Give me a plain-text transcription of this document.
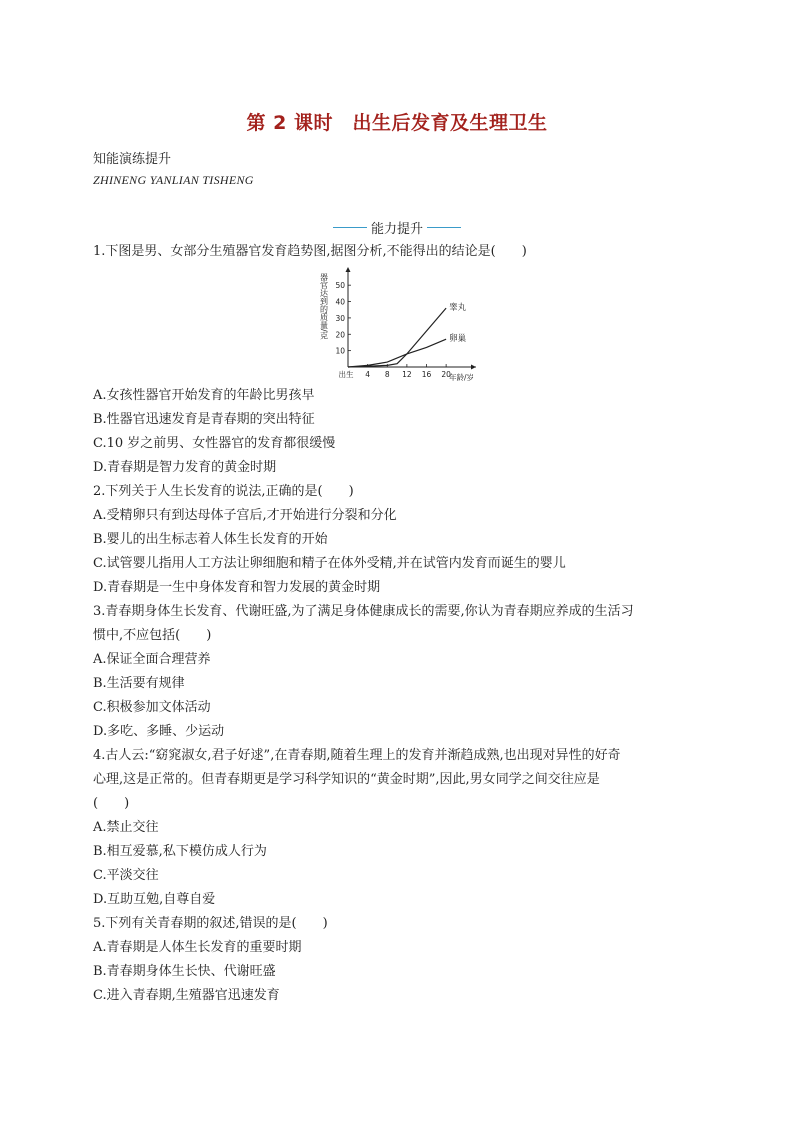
第 2 课时　出生后发育及生理卫生
知能演练提升
ZHINENG YANLIAN TISHENG
能力提升
1.下图是男、女部分生殖器官发育趋势图,据图分析,不能得出的结论是(　　)
10
20
30
40
50
出生 4 8 12 16 20
年龄/岁
器官达到的质量/克	睾丸
卵巢
A.女孩性器官开始发育的年龄比男孩早
B.性器官迅速发育是青春期的突出特征
C.10 岁之前男、女性器官的发育都很缓慢
D.青春期是智力发育的黄金时期
2.下列关于人生长发育的说法,正确的是(　　)
A.受精卵只有到达母体子宫后,才开始进行分裂和分化
B.婴儿的出生标志着人体生长发育的开始
C.试管婴儿指用人工方法让卵细胞和精子在体外受精,并在试管内发育而诞生的婴儿
D.青春期是一生中身体发育和智力发展的黄金时期
3.青春期身体生长发育、代谢旺盛,为了满足身体健康成长的需要,你认为青春期应养成的生活习
惯中,不应包括(　　)
A.保证全面合理营养
B.生活要有规律
C.积极参加文体活动
D.多吃、多睡、少运动
4.古人云:“窈窕淑女,君子好逑”,在青春期,随着生理上的发育并渐趋成熟,也出现对异性的好奇
心理,这是正常的。但青春期更是学习科学知识的“黄金时期”,因此,男女同学之间交往应是
(　　)
A.禁止交往
B.相互爱慕,私下模仿成人行为
C.平淡交往
D.互助互勉,自尊自爱
5.下列有关青春期的叙述,错误的是(　　)
A.青春期是人体生长发育的重要时期
B.青春期身体生长快、代谢旺盛
C.进入青春期,生殖器官迅速发育
